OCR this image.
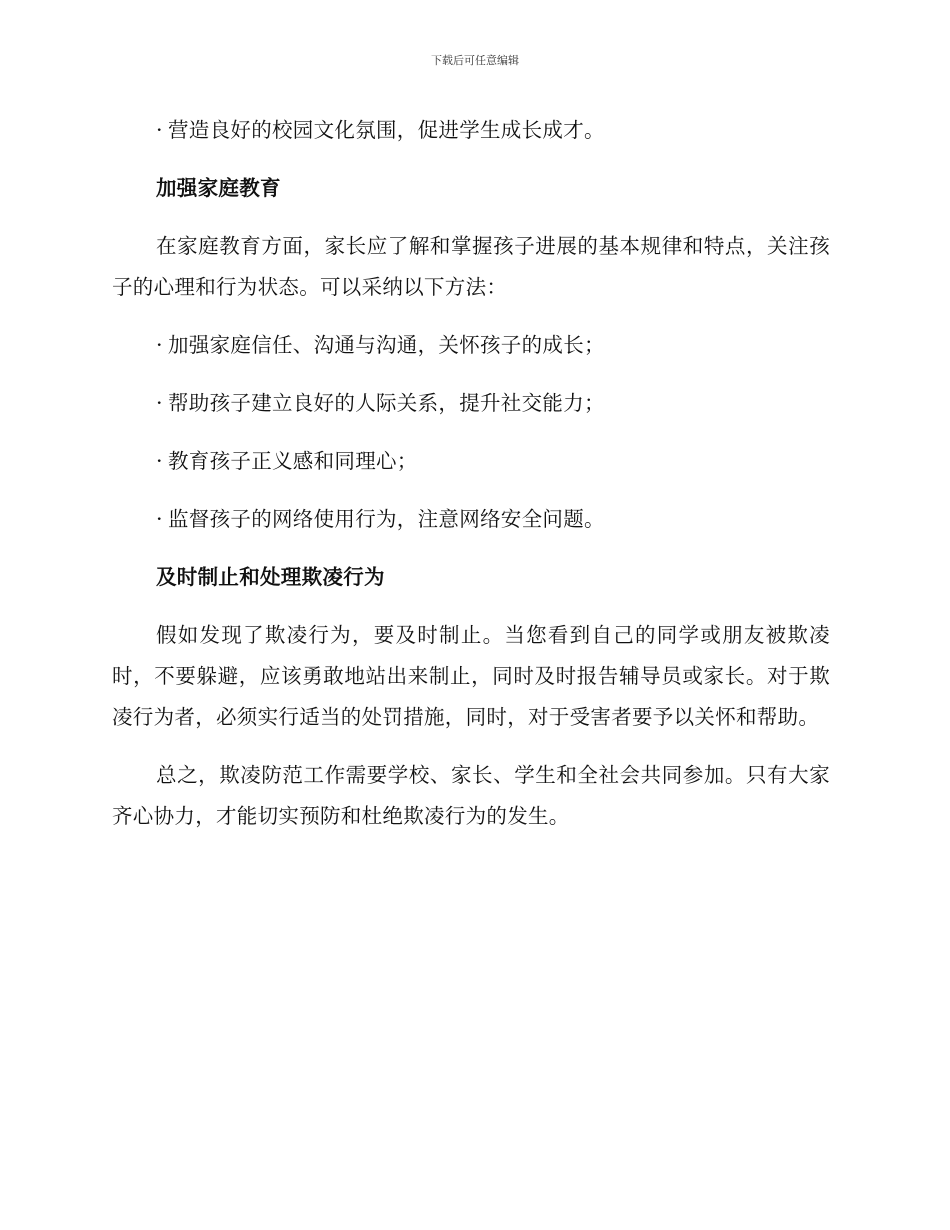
下载后可任意编辑

· 营造良好的校园文化氛围，促进学生成长成才。

加强家庭教育

在家庭教育方面，家长应了解和掌握孩子进展的基本规律和特点，关注孩子的心理和行为状态。可以采纳以下方法：

· 加强家庭信任、沟通与沟通，关怀孩子的成长；

· 帮助孩子建立良好的人际关系，提升社交能力；

· 教育孩子正义感和同理心；

· 监督孩子的网络使用行为，注意网络安全问题。

及时制止和处理欺凌行为

假如发现了欺凌行为，要及时制止。当您看到自己的同学或朋友被欺凌时，不要躲避，应该勇敢地站出来制止，同时及时报告辅导员或家长。对于欺凌行为者，必须实行适当的处罚措施，同时，对于受害者要予以关怀和帮助。

总之，欺凌防范工作需要学校、家长、学生和全社会共同参加。只有大家齐心协力，才能切实预防和杜绝欺凌行为的发生。
